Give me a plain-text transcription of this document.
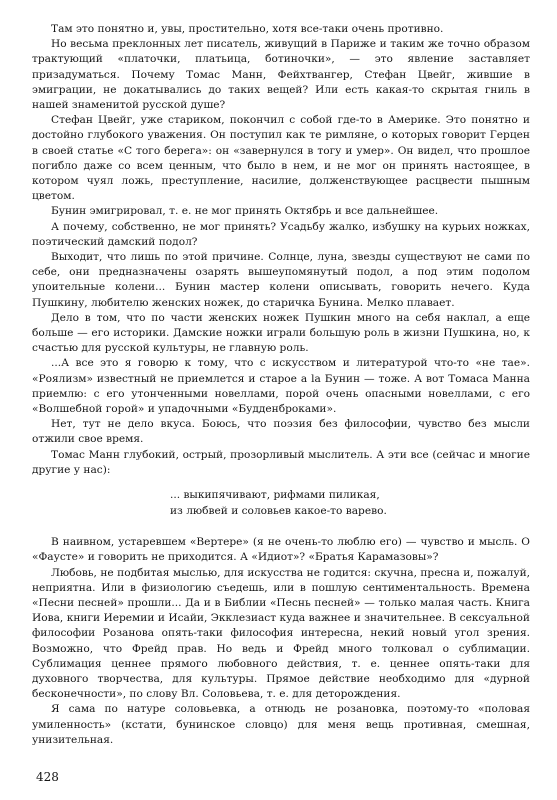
Там это понятно и, увы, простительно, хотя все-таки очень противно.

Но весьма преклонных лет писатель, живущий в Париже и таким же точно образом трактующий «платочки, платьица, ботиночки», — это явление заставляет призадуматься. Почему Томас Манн, Фейхтвангер, Стефан Цвейг, жившие в эмиграции, не докатывались до таких вещей? Или есть какая-то скрытая гниль в нашей знаменитой русской душе?

Стефан Цвейг, уже стариком, покончил с собой где-то в Америке. Это понятно и достойно глубокого уважения. Он поступил как те римляне, о которых говорит Герцен в своей статье «С того берега»: он «завернулся в тогу и умер». Он видел, что прошлое погибло даже со всем ценным, что было в нем, и не мог он принять настоящее, в котором чуял ложь, преступление, насилие, долженствующее расцвести пышным цветом.

Бунин эмигрировал, т. е. не мог принять Октябрь и все дальнейшее.

А почему, собственно, не мог принять? Усадьбу жалко, избушку на курьих ножках, поэтический дамский подол?

Выходит, что лишь по этой причине. Солнце, луна, звезды существуют не сами по себе, они предназначены озарять вышеупомянутый подол, а под этим подолом упоительные колени... Бунин мастер колени описывать, говорить нечего. Куда Пушкину, любителю женских ножек, до старичка Бунина. Мелко плавает.

Дело в том, что по части женских ножек Пушкин много на себя наклал, а еще больше — его историки. Дамские ножки играли большую роль в жизни Пушкина, но, к счастью для русской культуры, не главную роль.

...А все это я говорю к тому, что с искусством и литературой что-то «не тае». «Роялизм» известный не приемлется и старое а la Бунин — тоже. А вот Томаса Манна приемлю: с его утонченными новеллами, порой очень опасными новеллами, с его «Волшебной горой» и упадочными «Будденброками».

Нет, тут не дело вкуса. Боюсь, что поэзия без философии, чувство без мысли отжили свое время.

Томас Манн глубокий, острый, прозорливый мыслитель. А эти все (сейчас и многие другие у нас):

... выкипячивают, рифмами пиликая,
из любвей и соловьев какое-то варево.

В наивном, устаревшем «Вертере» (я не очень-то люблю его) — чувство и мысль. О «Фаусте» и говорить не приходится. А «Идиот»? «Братья Карамазовы»?

Любовь, не подбитая мыслью, для искусства не годится: скучна, пресна и, пожалуй, неприятна. Или в физиологию съедешь, или в пошлую сентиментальность. Времена «Песни песней» прошли... Да и в Библии «Песнь песней» — только малая часть. Книга Иова, книги Иеремии и Исайи, Экклезиаст куда важнее и значительнее. В сексуальной философии Розанова опять-таки философия интересна, некий новый угол зрения. Возможно, что Фрейд прав. Но ведь и Фрейд много толковал о сублимации. Сублимация ценнее прямого любовного действия, т. е. ценнее опять-таки для духовного творчества, для культуры. Прямое действие необходимо для «дурной бесконечности», по слову Вл. Соловьева, т. е. для деторождения.

Я сама по натуре соловьевка, а отнюдь не розановка, поэтому-то «половая умиленность» (кстати, бунинское словцо) для меня вещь противная, смешная, унизительная.

428
